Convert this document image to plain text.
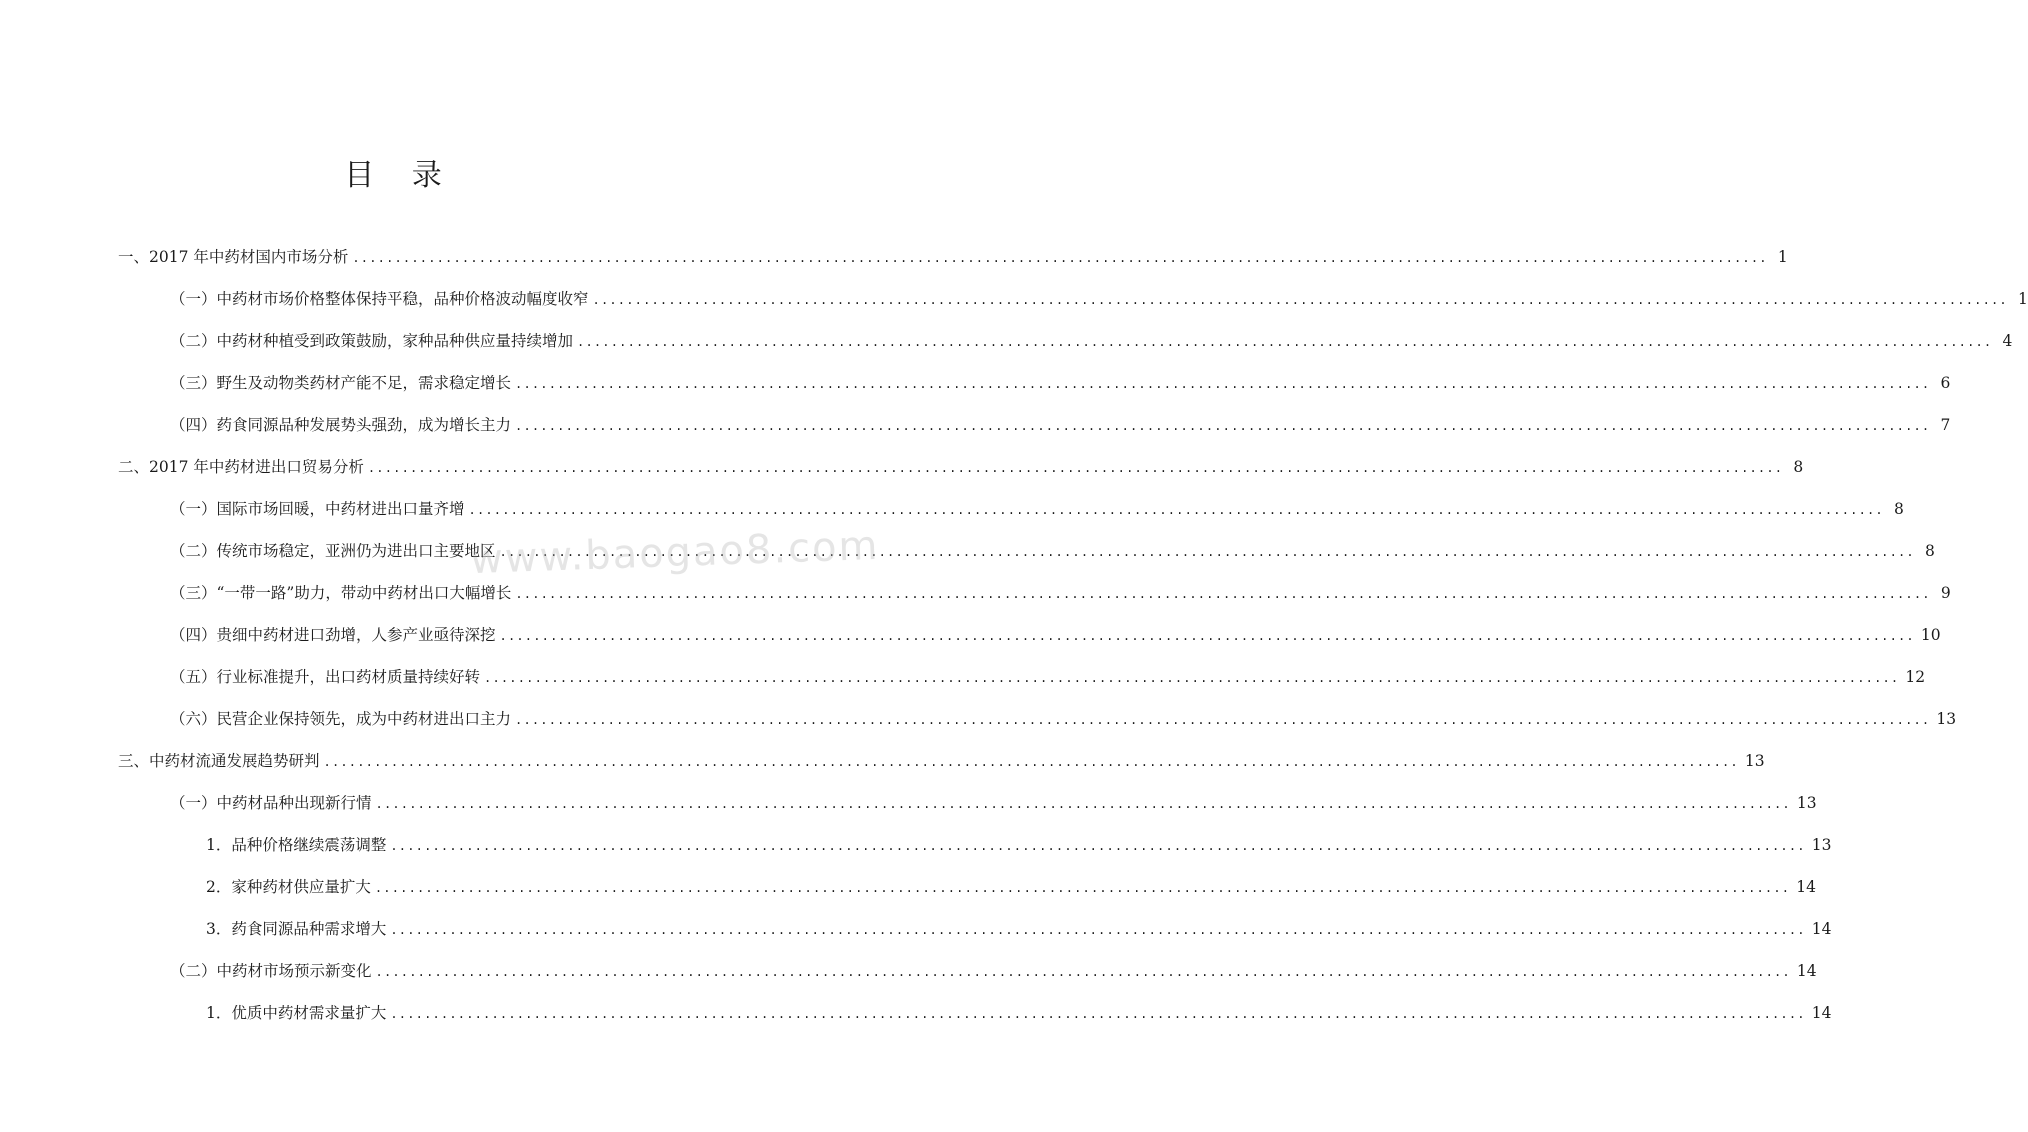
目 录
一、2017 年中药材国内市场分析 .....	1
（一）中药材市场价格整体保持平稳，品种价格波动幅度收窄 .....	1
（二）中药材种植受到政策鼓励，家种品种供应量持续增加 .....	4
（三）野生及动物类药材产能不足，需求稳定增长 .....	6
（四）药食同源品种发展势头强劲，成为增长主力 .....	7
二、2017 年中药材进出口贸易分析 .....	8
（一）国际市场回暖，中药材进出口量齐增 .....	8
（二）传统市场稳定，亚洲仍为进出口主要地区 .....	8
（三）“一带一路”助力，带动中药材出口大幅增长 .....	9
（四）贵细中药材进口劲增，人参产业亟待深挖 .....	10
（五）行业标准提升，出口药材质量持续好转 .....	12
（六）民营企业保持领先，成为中药材进出口主力 .....	13
三、中药材流通发展趋势研判 .....	13
（一）中药材品种出现新行情 .....	13
1．品种价格继续震荡调整 .....	13
2．家种药材供应量扩大 .....	14
3．药食同源品种需求增大 .....	14
（二）中药材市场预示新变化 .....	14
1．优质中药材需求量扩大 .....	14
www.baogao8.com
